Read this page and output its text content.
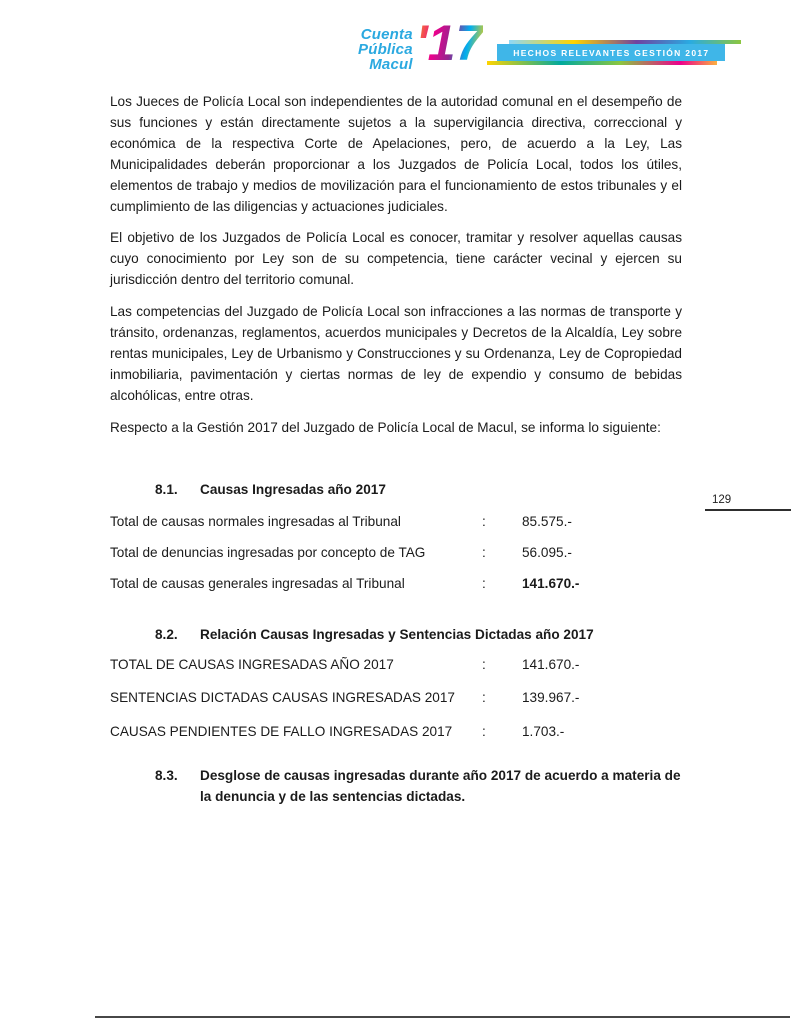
Cuenta
Pública
Macul '17	HECHOS RELEVANTES GESTIÓN 2017

Los Jueces de Policía Local son independientes de la autoridad comunal en el desempeño de sus funciones y están directamente sujetos a la supervigilancia directiva, correccional y económica de la respectiva Corte de Apelaciones, pero, de acuerdo a la Ley, Las Municipalidades deberán proporcionar a los Juzgados de Policía Local, todos los útiles, elementos de trabajo y medios de movilización para el funcionamiento de estos tribunales y el cumplimiento de las diligencias y actuaciones judiciales.

El objetivo de los Juzgados de Policía Local es conocer, tramitar y resolver aquellas causas cuyo conocimiento por Ley son de su competencia, tiene carácter vecinal y ejercen su jurisdicción dentro del territorio comunal.

Las competencias del Juzgado de Policía Local son infracciones a las normas de transporte y tránsito, ordenanzas, reglamentos, acuerdos municipales y Decretos de la Alcaldía, Ley sobre rentas municipales, Ley de Urbanismo y Construcciones y su Ordenanza, Ley de Copropiedad inmobiliaria, pavimentación y ciertas normas de ley de expendio y consumo de bebidas alcohólicas, entre otras.

Respecto a la Gestión 2017 del Juzgado de Policía Local de Macul, se informa lo siguiente:

8.1.	Causas Ingresadas año 2017
Total de causas normales ingresadas al Tribunal	:	85.575.-
Total de denuncias ingresadas por concepto de TAG	:	56.095.-
Total de causas generales ingresadas al Tribunal	:	141.670.-
8.2.	Relación Causas Ingresadas y Sentencias Dictadas año 2017
TOTAL DE CAUSAS INGRESADAS AÑO 2017	:	141.670.-
SENTENCIAS DICTADAS CAUSAS INGRESADAS 2017	:	139.967.-
CAUSAS PENDIENTES DE FALLO INGRESADAS 2017	:	1.703.-
8.3.	Desglose de causas ingresadas durante año 2017 de acuerdo a materia de la denuncia y de las sentencias dictadas.
129
